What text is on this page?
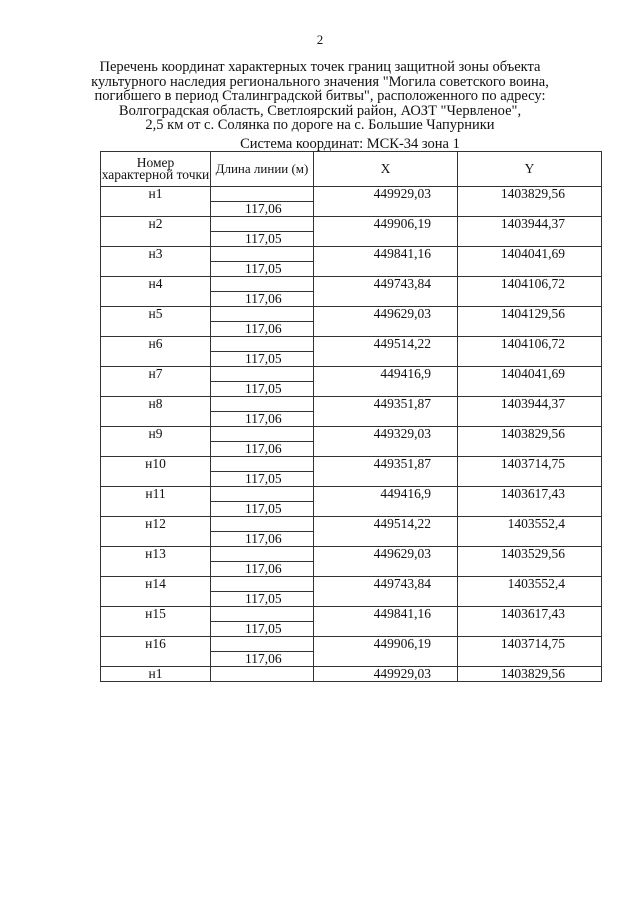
2
Перечень координат характерных точек границ защитной зоны объекта
культурного наследия регионального значения "Могила советского воина,
погибшего в период Сталинградской битвы", расположенного по адресу:
Волгоградская область, Светлоярский район, АОЗТ "Червленое",
2,5 км от с. Солянка по дороге на с. Большие Чапурники
Система координат: МСК-34 зона 1
Номер характерной точки	Длина линии (м)	X	Y
н1		449929,03	1403829,56
	117,06		
н2		449906,19	1403944,37
	117,05		
н3		449841,16	1404041,69
	117,05		
н4		449743,84	1404106,72
	117,06		
н5		449629,03	1404129,56
	117,06		
н6		449514,22	1404106,72
	117,05		
н7		449416,9	1404041,69
	117,05		
н8		449351,87	1403944,37
	117,06		
н9		449329,03	1403829,56
	117,06		
н10		449351,87	1403714,75
	117,05		
н11		449416,9	1403617,43
	117,05		
н12		449514,22	1403552,4
	117,06		
н13		449629,03	1403529,56
	117,06		
н14		449743,84	1403552,4
	117,05		
н15		449841,16	1403617,43
	117,05		
н16		449906,19	1403714,75
	117,06		
н1		449929,03	1403829,56
